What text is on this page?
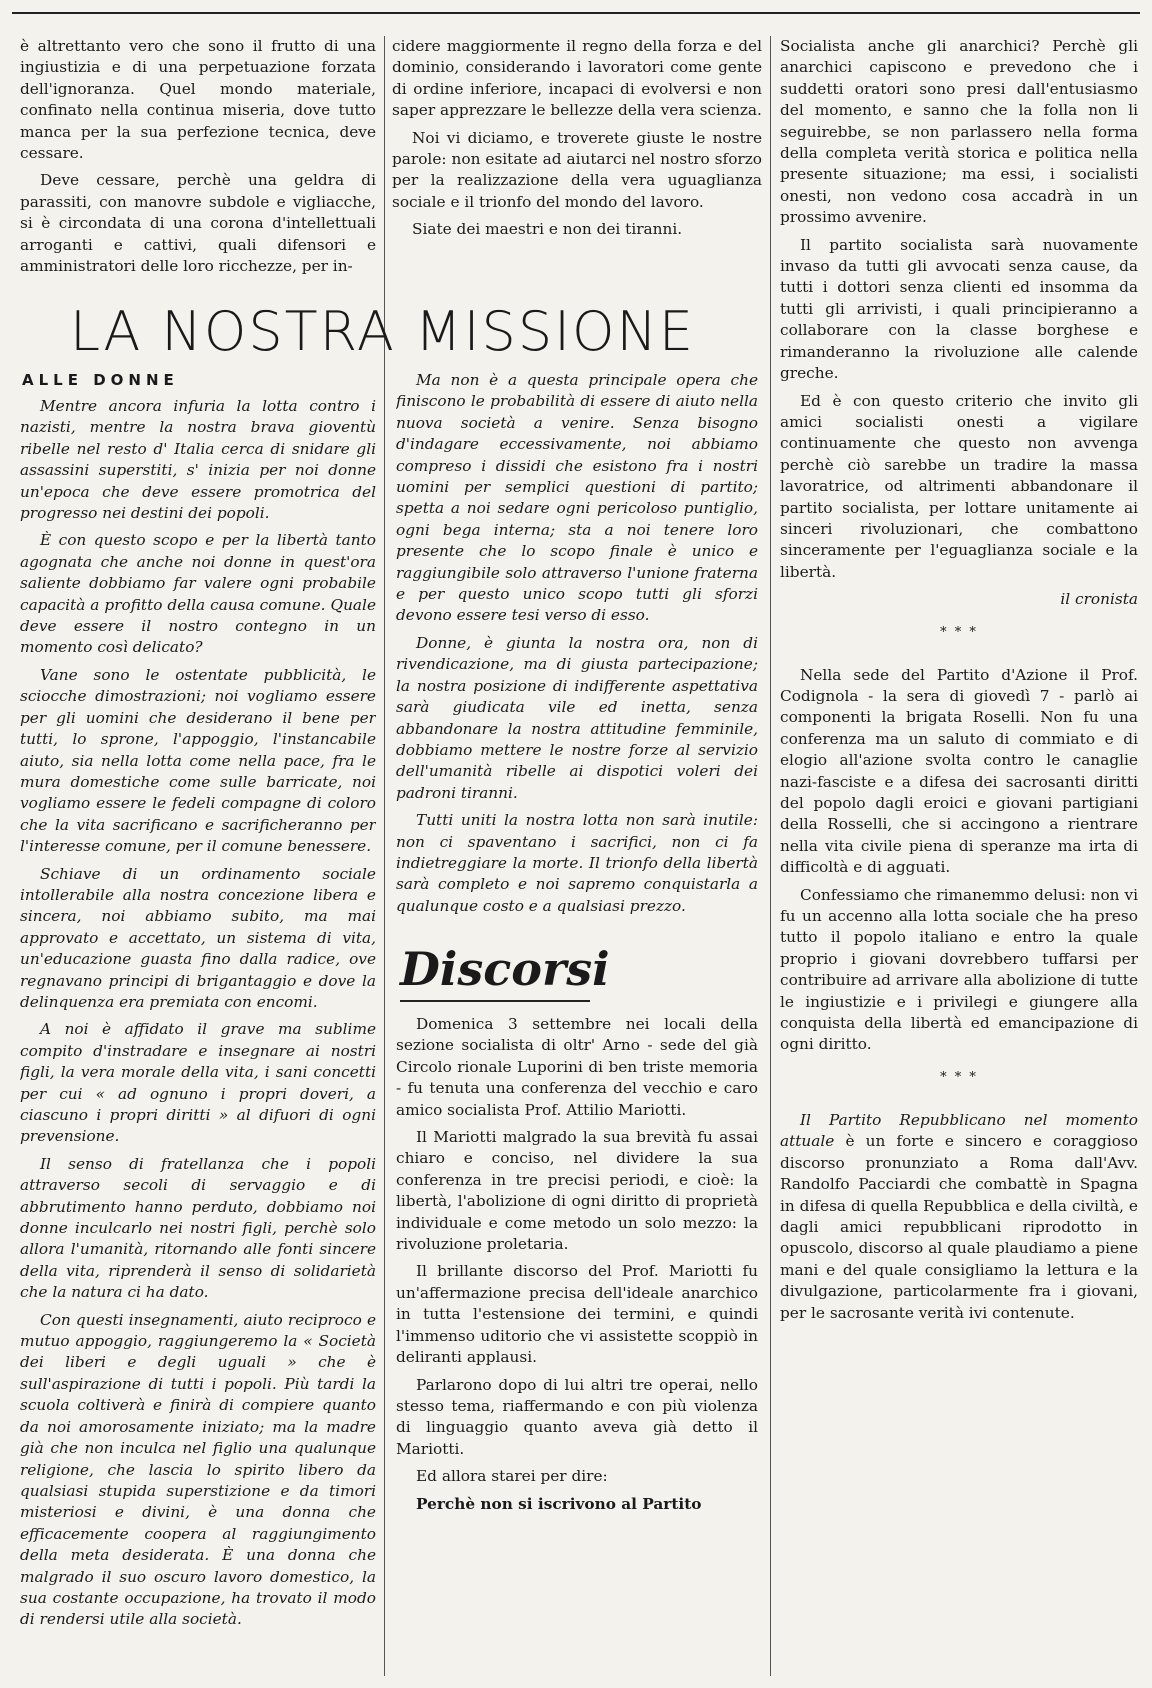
è altrettanto vero che sono il frutto di una ingiustizia e di una perpetuazione forzata dell'ignoranza. Quel mondo materiale, confinato nella continua miseria, dove tutto manca per la sua perfezione tecnica, deve cessare.

Deve cessare, perchè una geldra di parassiti, con manovre subdole e vigliacche, si è circondata di una corona d'intellettuali arroganti e cattivi, quali difensori e amministratori delle loro ricchezze, per in-

cidere maggiormente il regno della forza e del dominio, considerando i lavoratori come gente di ordine inferiore, incapaci di evolversi e non saper apprezzare le bellezze della vera scienza.

Noi vi diciamo, e troverete giuste le nostre parole: non esitate ad aiutarci nel nostro sforzo per la realizzazione della vera uguaglianza sociale e il trionfo del mondo del lavoro.

Siate dei maestri e non dei tiranni.

LA NOSTRA MISSIONE
ALLE DONNE

Mentre ancora infuria la lotta contro i nazisti, mentre la nostra brava gioventù ribelle nel resto d' Italia cerca di snidare gli assassini superstiti, s' inizia per noi donne un'epoca che deve essere promotrica del progresso nei destini dei popoli.

È con questo scopo e per la libertà tanto agognata che anche noi donne in quest'ora saliente dobbiamo far valere ogni probabile capacità a profitto della causa comune. Quale deve essere il nostro contegno in un momento così delicato?

Vane sono le ostentate pubblicità, le sciocche dimostrazioni; noi vogliamo essere per gli uomini che desiderano il bene per tutti, lo sprone, l'appoggio, l'instancabile aiuto, sia nella lotta come nella pace, fra le mura domestiche come sulle barricate, noi vogliamo essere le fedeli compagne di coloro che la vita sacrificano e sacrificheranno per l'interesse comune, per il comune benessere.

Schiave di un ordinamento sociale intollerabile alla nostra concezione libera e sincera, noi abbiamo subito, ma mai approvato e accettato, un sistema di vita, un'educazione guasta fino dalla radice, ove regnavano principi di brigantaggio e dove la delinquenza era premiata con encomi.

A noi è affidato il grave ma sublime compito d'instradare e insegnare ai nostri figli, la vera morale della vita, i sani concetti per cui « ad ognuno i propri doveri, a ciascuno i propri diritti » al difuori di ogni prevensione.

Il senso di fratellanza che i popoli attraverso secoli di servaggio e di abbrutimento hanno perduto, dobbiamo noi donne inculcarlo nei nostri figli, perchè solo allora l'umanità, ritornando alle fonti sincere della vita, riprenderà il senso di solidarietà che la natura ci ha dato.

Con questi insegnamenti, aiuto reciproco e mutuo appoggio, raggiungeremo la « Società dei liberi e degli uguali » che è sull'aspirazione di tutti i popoli. Più tardi la scuola coltiverà e finirà di compiere quanto da noi amorosamente iniziato; ma la madre già che non inculca nel figlio una qualunque religione, che lascia lo spirito libero da qualsiasi stupida superstizione e da timori misteriosi e divini, è una donna che efficacemente coopera al raggiungimento della meta desiderata. È una donna che malgrado il suo oscuro lavoro domestico, la sua costante occupazione, ha trovato il modo di rendersi utile alla società.

Ma non è a questa principale opera che finiscono le probabilità di essere di aiuto nella nuova società a venire. Senza bisogno d'indagare eccessivamente, noi abbiamo compreso i dissidi che esistono fra i nostri uomini per semplici questioni di partito; spetta a noi sedare ogni pericoloso puntiglio, ogni bega interna; sta a noi tenere loro presente che lo scopo finale è unico e raggiungibile solo attraverso l'unione fraterna e per questo unico scopo tutti gli sforzi devono essere tesi verso di esso.

Donne, è giunta la nostra ora, non di rivendicazione, ma di giusta partecipazione; la nostra posizione di indifferente aspettativa sarà giudicata vile ed inetta, senza abbandonare la nostra attitudine femminile, dobbiamo mettere le nostre forze al servizio dell'umanità ribelle ai dispotici voleri dei padroni tiranni.

Tutti uniti la nostra lotta non sarà inutile: non ci spaventano i sacrifici, non ci fa indietreggiare la morte. Il trionfo della libertà sarà completo e noi sapremo conquistarla a qualunque costo e a qualsiasi prezzo.

Discorsi

Domenica 3 settembre nei locali della sezione socialista di oltr' Arno - sede del già Circolo rionale Luporini di ben triste memoria - fu tenuta una conferenza del vecchio e caro amico socialista Prof. Attilio Mariotti.

Il Mariotti malgrado la sua brevità fu assai chiaro e conciso, nel dividere la sua conferenza in tre precisi periodi, e cioè: la libertà, l'abolizione di ogni diritto di proprietà individuale e come metodo un solo mezzo: la rivoluzione proletaria.

Il brillante discorso del Prof. Mariotti fu un'affermazione precisa dell'ideale anarchico in tutta l'estensione dei termini, e quindi l'immenso uditorio che vi assistette scoppiò in deliranti applausi.

Parlarono dopo di lui altri tre operai, nello stesso tema, riaffermando e con più violenza di linguaggio quanto aveva già detto il Mariotti.

Ed allora starei per dire:

Perchè non si iscrivono al Partito

Socialista anche gli anarchici? Perchè gli anarchici capiscono e prevedono che i suddetti oratori sono presi dall'entusiasmo del momento, e sanno che la folla non li seguirebbe, se non parlassero nella forma della completa verità storica e politica nella presente situazione; ma essi, i socialisti onesti, non vedono cosa accadrà in un prossimo avvenire.

Il partito socialista sarà nuovamente invaso da tutti gli avvocati senza cause, da tutti i dottori senza clienti ed insomma da tutti gli arrivisti, i quali principieranno a collaborare con la classe borghese e rimanderanno la rivoluzione alle calende greche.

Ed è con questo criterio che invito gli amici socialisti onesti a vigilare continuamente che questo non avvenga perchè ciò sarebbe un tradire la massa lavoratrice, od altrimenti abbandonare il partito socialista, per lottare unitamente ai sinceri rivoluzionari, che combattono sinceramente per l'eguaglianza sociale e la libertà.

il cronista

* * *

Nella sede del Partito d'Azione il Prof. Codignola - la sera di giovedì 7 - parlò ai componenti la brigata Roselli. Non fu una conferenza ma un saluto di commiato e di elogio all'azione svolta contro le canaglie nazi-fasciste e a difesa dei sacrosanti diritti del popolo dagli eroici e giovani partigiani della Rosselli, che si accingono a rientrare nella vita civile piena di speranze ma irta di difficoltà e di agguati.

Confessiamo che rimanemmo delusi: non vi fu un accenno alla lotta sociale che ha preso tutto il popolo italiano e entro la quale proprio i giovani dovrebbero tuffarsi per contribuire ad arrivare alla abolizione di tutte le ingiustizie e i privilegi e giungere alla conquista della libertà ed emancipazione di ogni diritto.

* * *

Il Partito Repubblicano nel momento attuale è un forte e sincero e coraggioso discorso pronunziato a Roma dall'Avv. Randolfo Pacciardi che combattè in Spagna in difesa di quella Repubblica e della civiltà, e dagli amici repubblicani riprodotto in opuscolo, discorso al quale plaudiamo a piene mani e del quale consigliamo la lettura e la divulgazione, particolarmente fra i giovani, per le sacrosante verità ivi contenute.
